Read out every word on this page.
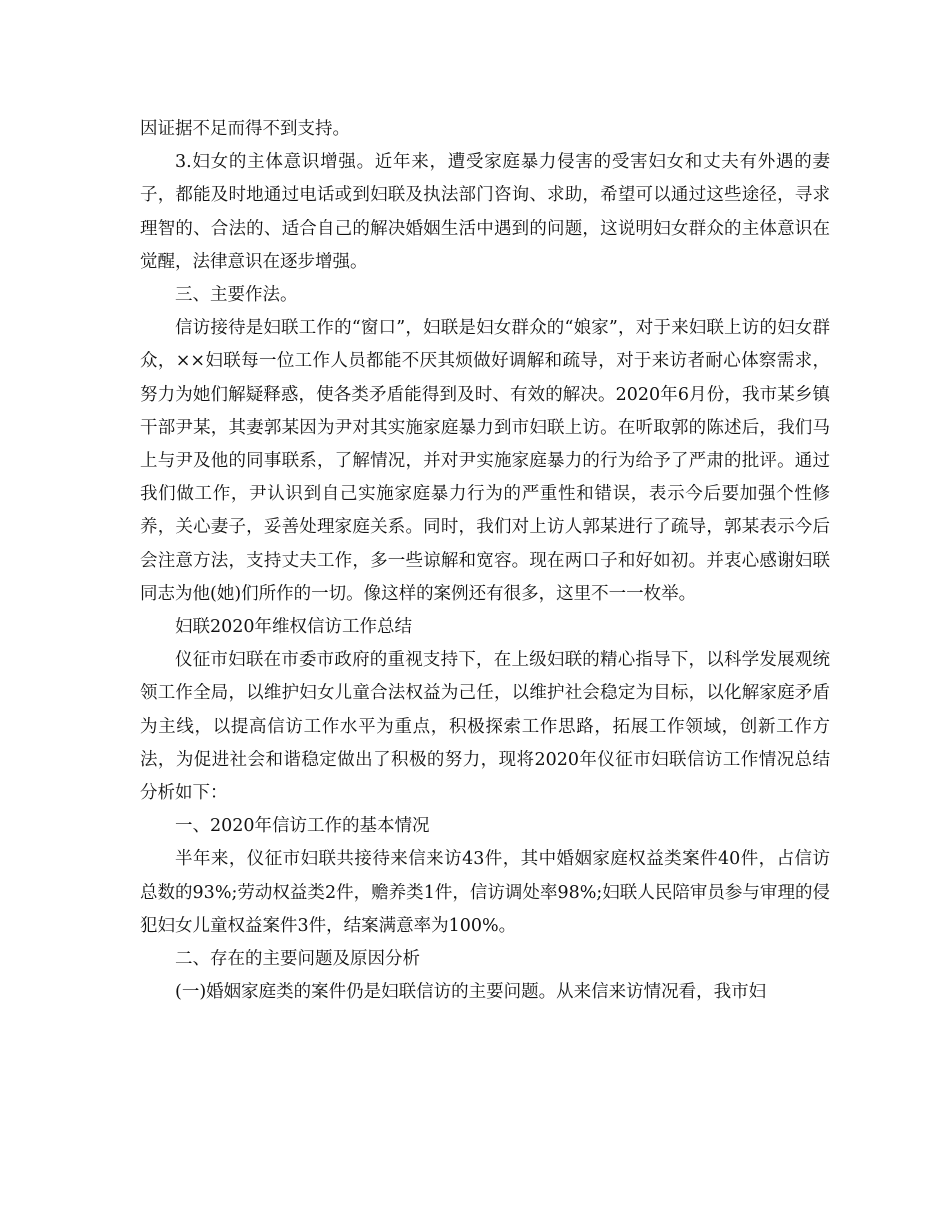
因证据不足而得不到支持。

3.妇女的主体意识增强。近年来，遭受家庭暴力侵害的受害妇女和丈夫有外遇的妻子，都能及时地通过电话或到妇联及执法部门咨询、求助，希望可以通过这些途径，寻求理智的、合法的、适合自己的解决婚姻生活中遇到的问题，这说明妇女群众的主体意识在觉醒，法律意识在逐步增强。

三、主要作法。

信访接待是妇联工作的“窗口”，妇联是妇女群众的“娘家”，对于来妇联上访的妇女群众，××妇联每一位工作人员都能不厌其烦做好调解和疏导，对于来访者耐心体察需求，努力为她们解疑释惑，使各类矛盾能得到及时、有效的解决。2020年6月份，我市某乡镇干部尹某，其妻郭某因为尹对其实施家庭暴力到市妇联上访。在听取郭的陈述后，我们马上与尹及他的同事联系，了解情况，并对尹实施家庭暴力的行为给予了严肃的批评。通过我们做工作，尹认识到自己实施家庭暴力行为的严重性和错误，表示今后要加强个性修养，关心妻子，妥善处理家庭关系。同时，我们对上访人郭某进行了疏导，郭某表示今后会注意方法，支持丈夫工作，多一些谅解和宽容。现在两口子和好如初。并衷心感谢妇联同志为他(她)们所作的一切。像这样的案例还有很多，这里不一一枚举。

妇联2020年维权信访工作总结

仪征市妇联在市委市政府的重视支持下，在上级妇联的精心指导下，以科学发展观统领工作全局，以维护妇女儿童合法权益为己任，以维护社会稳定为目标，以化解家庭矛盾为主线，以提高信访工作水平为重点，积极探索工作思路，拓展工作领域，创新工作方法，为促进社会和谐稳定做出了积极的努力，现将2020年仪征市妇联信访工作情况总结分析如下：

一、2020年信访工作的基本情况

半年来，仪征市妇联共接待来信来访43件，其中婚姻家庭权益类案件40件，占信访总数的93%;劳动权益类2件，赡养类1件，信访调处率98%;妇联人民陪审员参与审理的侵犯妇女儿童权益案件3件，结案满意率为100%。

二、存在的主要问题及原因分析

(一)婚姻家庭类的案件仍是妇联信访的主要问题。从来信来访情况看，我市妇
